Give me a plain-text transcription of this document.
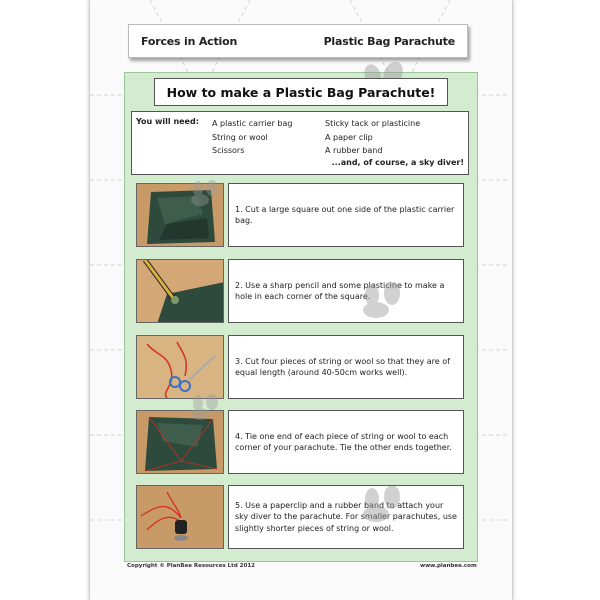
Forces in Action	Plastic Bag Parachute
How to make a Plastic Bag Parachute!
You will need: A plastic carrier bag
String or wool
Scissors
Sticky tack or plasticine
A paper clip
A rubber band
...and, of course, a sky diver!
1. Cut a large square out one side of the plastic carrier bag.
2. Use a sharp pencil and some plasticine to make a hole in each corner of the square.
3. Cut four pieces of string or wool so that they are of equal length (around 40-50cm works well).
4. Tie one end of each piece of string or wool to each corner of your parachute. Tie the other ends together.
5. Use a paperclip and a rubber band to attach your sky diver to the parachute. For smaller parachutes, use slightly shorter pieces of string or wool.
Copyright © PlanBee Resources Ltd 2012	www.planbee.com
